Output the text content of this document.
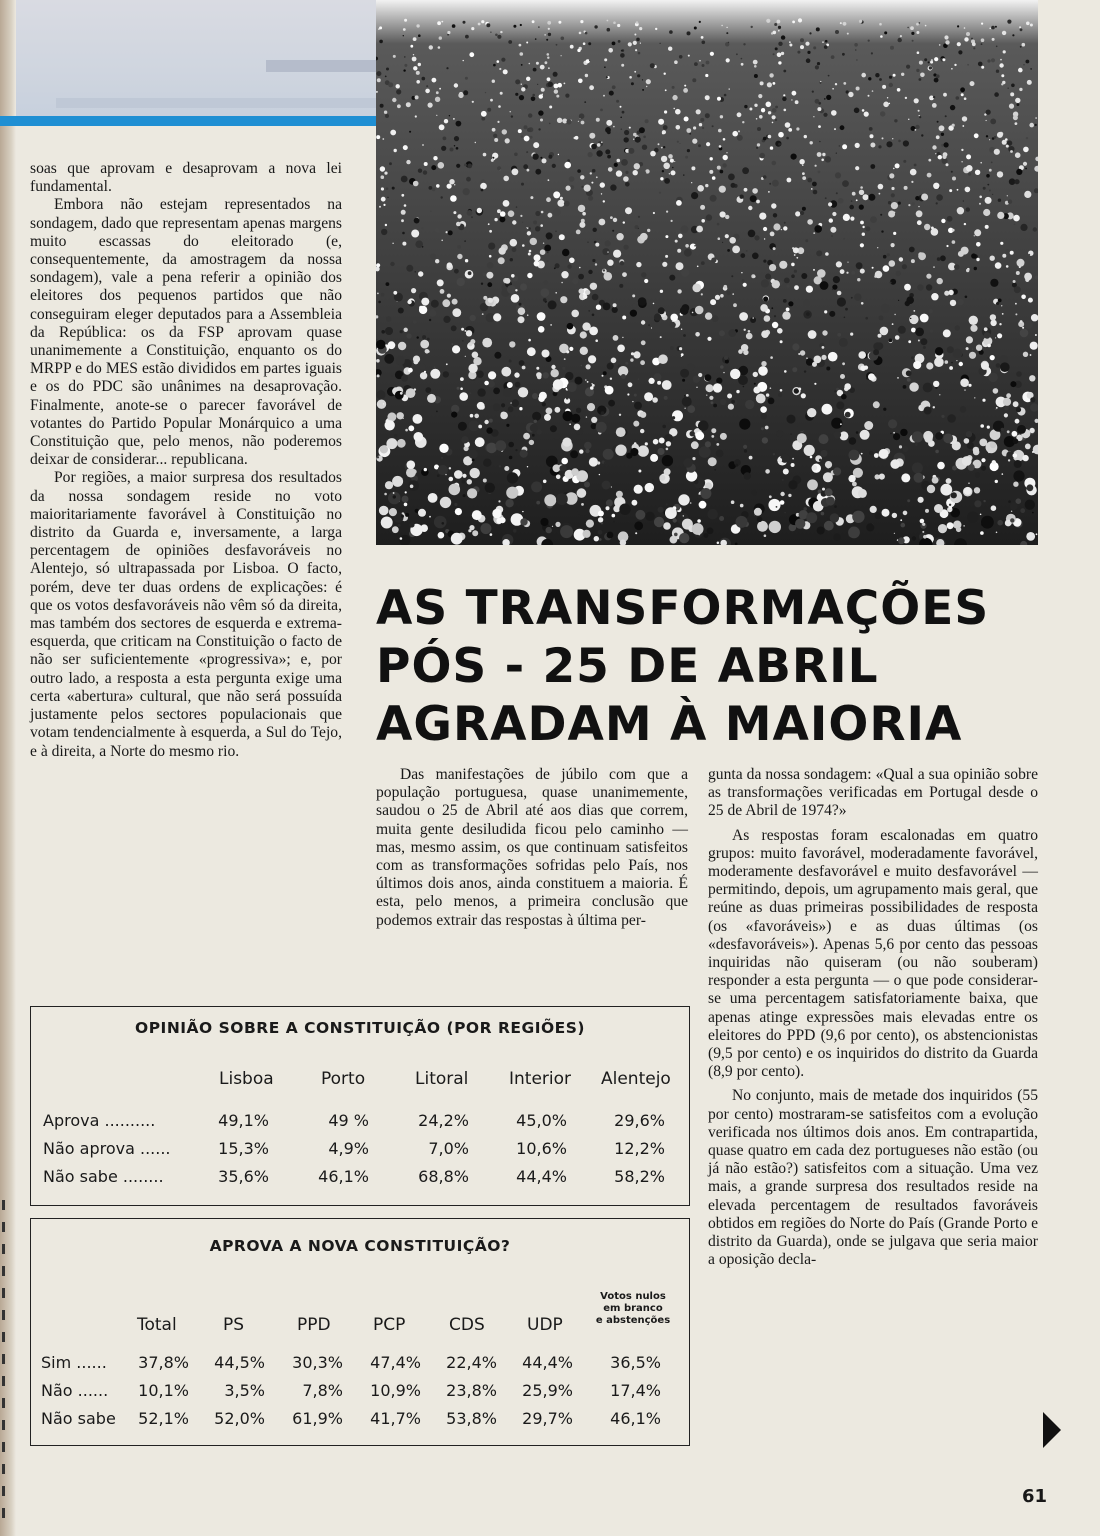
soas que aprovam e desaprovam a nova lei fundamental.

Embora não estejam representados na sondagem, dado que representam apenas margens muito escassas do eleitorado (e, consequentemente, da amostragem da nossa sondagem), vale a pena referir a opinião dos eleitores dos pequenos partidos que não conseguiram eleger deputados para a Assembleia da República: os da FSP aprovam quase unanimemente a Constituição, enquanto os do MRPP e do MES estão divididos em partes iguais e os do PDC são unânimes na desaprovação. Finalmente, anote-se o parecer favorável de votantes do Partido Popular Monárquico a uma Constituição que, pelo menos, não poderemos deixar de considerar... republicana.

Por regiões, a maior surpresa dos resultados da nossa sondagem reside no voto maioritariamente favorável à Constituição no distrito da Guarda e, inversamente, a larga percentagem de opiniões desfavoráveis no Alentejo, só ultrapassada por Lisboa. O facto, porém, deve ter duas ordens de explicações: é que os votos desfavoráveis não vêm só da direita, mas também dos sectores de esquerda e extrema-esquerda, que criticam na Constituição o facto de não ser suficientemente «progressiva»; e, por outro lado, a resposta a esta pergunta exige uma certa «abertura» cultural, que não será possuída justamente pelos sectores populacionais que votam tendencialmente à esquerda, a Sul do Tejo, e à direita, a Norte do mesmo rio.

AS TRANSFORMAÇÕES
PÓS - 25 DE ABRIL
AGRADAM À MAIORIA

Das manifestações de júbilo com que a população portuguesa, quase unanimemente, saudou o 25 de Abril até aos dias que correm, muita gente desiludida ficou pelo caminho — mas, mesmo assim, os que continuam satisfeitos com as transformações sofridas pelo País, nos últimos dois anos, ainda constituem a maioria. É esta, pelo menos, a primeira conclusão que podemos extrair das respostas à última per-

gunta da nossa sondagem: «Qual a sua opinião sobre as transformações verificadas em Portugal desde o 25 de Abril de 1974?»

As respostas foram escalonadas em quatro grupos: muito favorável, moderadamente favorável, moderamente desfavorável e muito desfavorável — permitindo, depois, um agrupamento mais geral, que reúne as duas primeiras possibilidades de resposta (os «favoráveis») e as duas últimas (os «desfavoráveis»). Apenas 5,6 por cento das pessoas inquiridas não quiseram (ou não souberam) responder a esta pergunta — o que pode considerar-se uma percentagem satisfatoriamente baixa, que apenas atinge expressões mais elevadas entre os eleitores do PPD (9,6 por cento), os abstencionistas (9,5 por cento) e os inquiridos do distrito da Guarda (8,9 por cento).

No conjunto, mais de metade dos inquiridos (55 por cento) mostraram-se satisfeitos com a evolução verificada nos últimos dois anos. Em contrapartida, quase quatro em cada dez portugueses não estão (ou já não estão?) satisfeitos com a situação. Uma vez mais, a grande surpresa dos resultados reside na elevada percentagem de resultados favoráveis obtidos em regiões do Norte do País (Grande Porto e distrito da Guarda), onde se julgava que seria maior a oposição decla-

OPINIÃO SOBRE A CONSTITUIÇÃO (POR REGIÕES)
Lisboa	Porto	Litoral Interior Alentejo
Aprova ..........	49,1%	49 %	24,2%	45,0%	29,6%
Não aprova ......	15,3%	4,9%	7,0%	10,6%	12,2%
Não sabe ........	35,6%	46,1%	68,8%	44,4%	58,2%
APROVA A NOVA CONSTITUIÇÃO?
Total	PS	PPD PCP	CDS UDP
Votos nulos
em branco
e abstenções
Sim ......	37,8%	44,5%	30,3%	47,4%	22,4%	44,4%	36,5%
Não ......	10,1%	3,5%	7,8%	10,9%	23,8%	25,9%	17,4%
Não sabe	52,1%	52,0%	61,9%	41,7%	53,8%	29,7%	46,1%
61
